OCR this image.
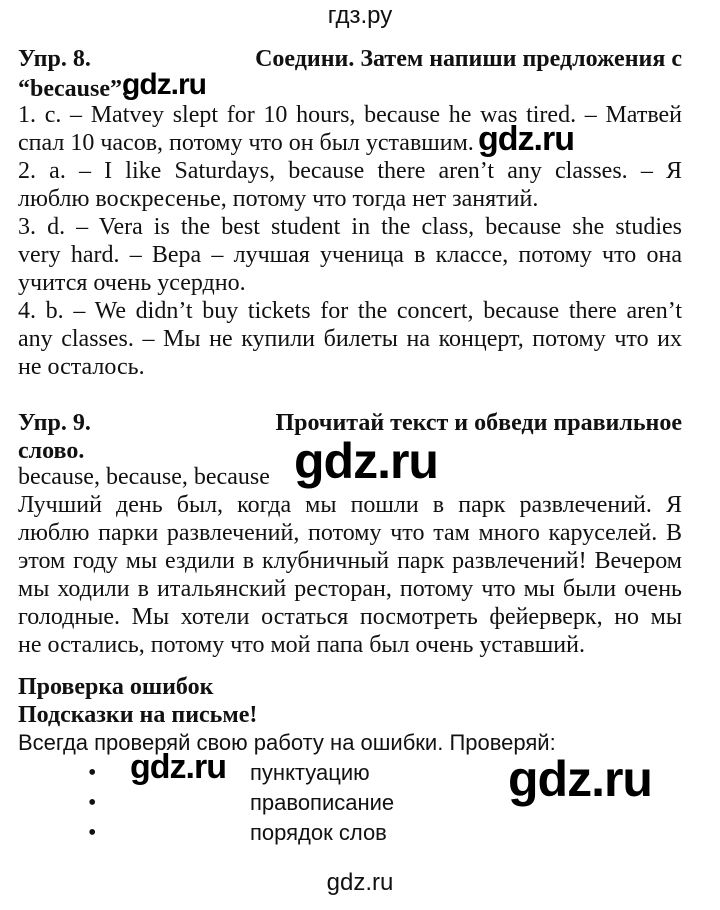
гдз.ру
Упр. 8.	Соедини. Затем напиши предложения с
“because”.
1. c. – Matvey slept for 10 hours, because he was tired. – Матвей
спал 10 часов, потому что он был уставшим.
2. a. – I like Saturdays, because there aren’t any classes. – Я
люблю воскресенье, потому что тогда нет занятий.
3. d. – Vera is the best student in the class, because she studies
very hard. – Вера – лучшая ученица в классе, потому что она
учится очень усердно.
4. b. – We didn’t buy tickets for the concert, because there aren’t
any classes. – Мы не купили билеты на концерт, потому что их
не осталось.
Упр. 9.	Прочитай текст и обведи правильное
слово.
because, because, because
Лучший день был, когда мы пошли в парк развлечений. Я
люблю парки развлечений, потому что там много каруселей. В
этом году мы ездили в клубничный парк развлечений! Вечером
мы ходили в итальянский ресторан, потому что мы были очень
голодные. Мы хотели остаться посмотреть фейерверк, но мы
не остались, потому что мой папа был очень уставший.
Проверка ошибок
Подсказки на письме!
Всегда проверяй свою работу на ошибки. Проверяй:
•	пунктуацию
•	правописание
•	порядок слов
gdz.ru
gdz.ru
gdz.ru
gdz.ru	gdz.ru
gdz.ru
